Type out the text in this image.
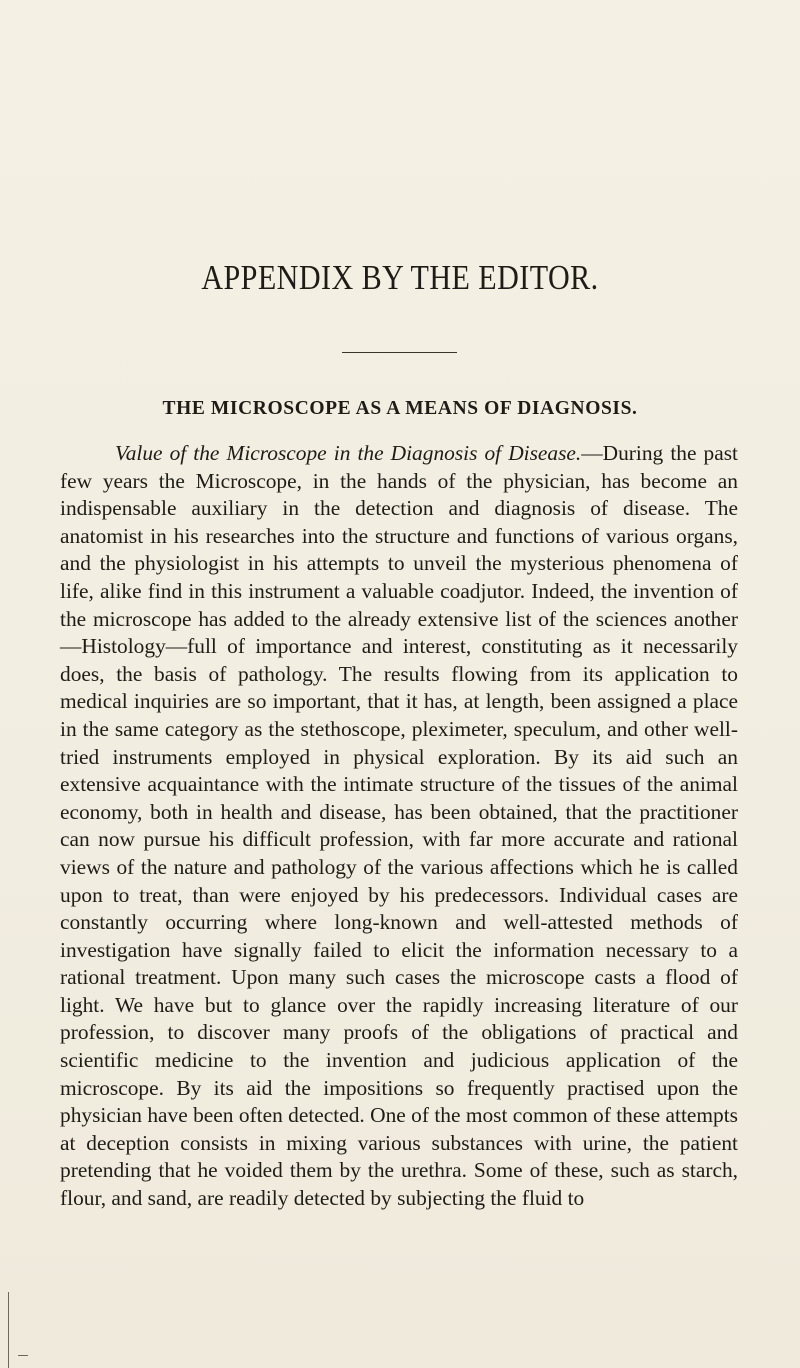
APPENDIX BY THE EDITOR.
THE MICROSCOPE AS A MEANS OF DIAGNOSIS.

Value of the Microscope in the Diagnosis of Disease.—During the past few years the Microscope, in the hands of the physician, has become an indispensable auxiliary in the detection and diagnosis of disease. The anatomist in his researches into the structure and functions of various organs, and the physiologist in his attempts to unveil the mysterious phenomena of life, alike find in this instrument a valuable coadjutor. Indeed, the invention of the microscope has added to the already extensive list of the sciences another—Histology—full of importance and interest, constituting as it necessarily does, the basis of pathology. The results flowing from its application to medical inquiries are so important, that it has, at length, been assigned a place in the same category as the stethoscope, pleximeter, speculum, and other well-tried instruments employed in physical exploration. By its aid such an extensive acquaintance with the intimate structure of the tissues of the animal economy, both in health and disease, has been obtained, that the practitioner can now pursue his difficult profession, with far more accurate and rational views of the nature and pathology of the various affections which he is called upon to treat, than were enjoyed by his predecessors. Individual cases are constantly occurring where long-known and well-attested methods of investigation have signally failed to elicit the information necessary to a rational treatment. Upon many such cases the microscope casts a flood of light. We have but to glance over the rapidly increasing literature of our profession, to discover many proofs of the obligations of practical and scientific medicine to the invention and judicious application of the microscope. By its aid the impositions so frequently practised upon the physician have been often detected. One of the most common of these attempts at deception consists in mixing various substances with urine, the patient pretending that he voided them by the urethra. Some of these, such as starch, flour, and sand, are readily detected by subjecting the fluid to
